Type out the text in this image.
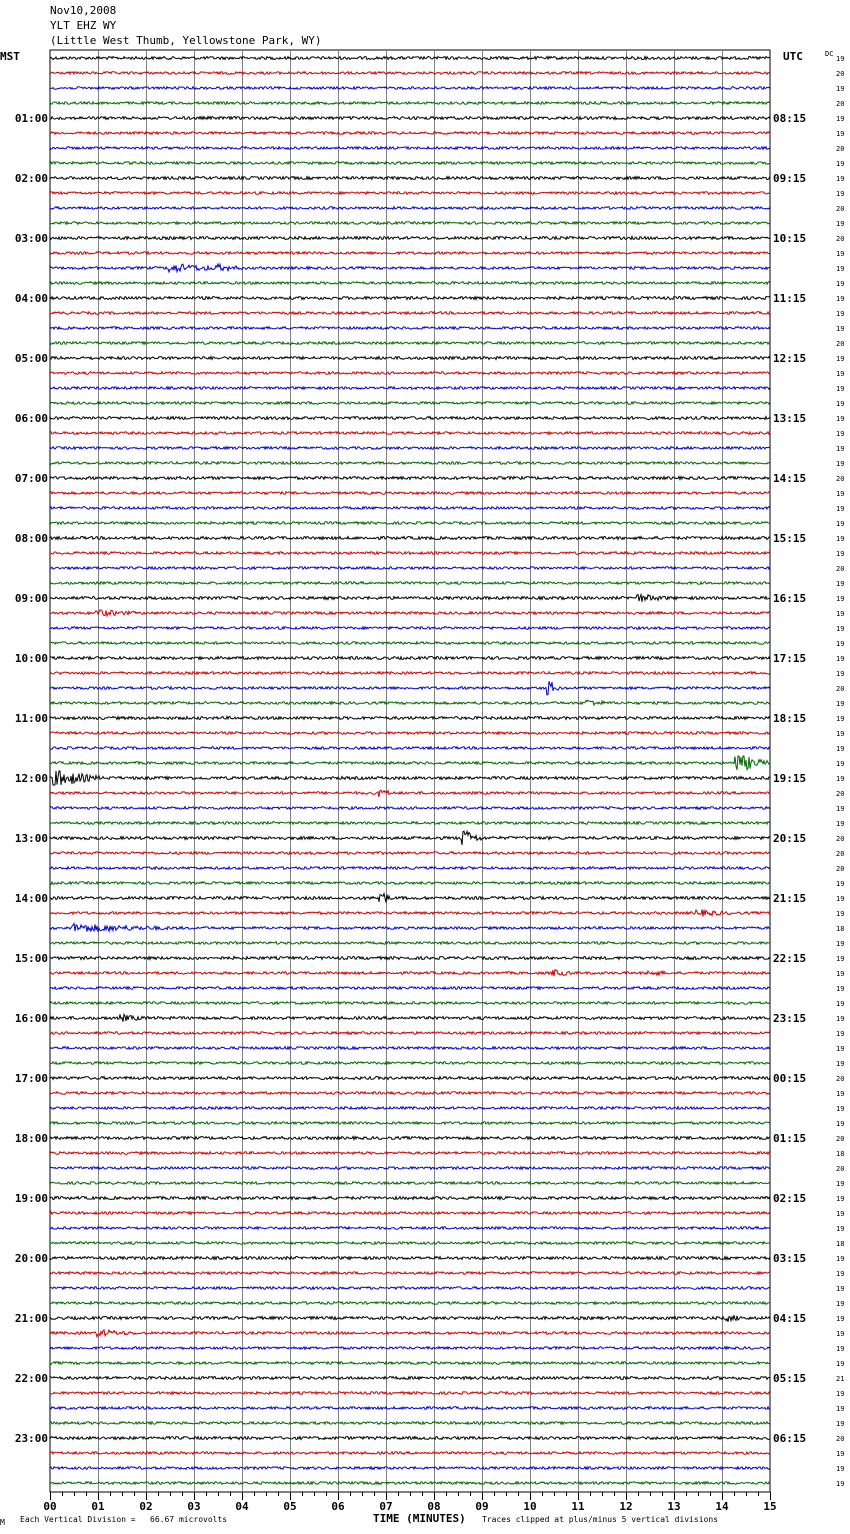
Nov10,2008
YLT EHZ WY
(Little West Thumb, Yellowstone Park, WY)
MST	UTC	DC
00	01	02	03	04	05	06	07	08	09	10	11	12	13	14	15
01:00	08:15
02:00	09:15
03:00	10:15
04:00	11:15
05:00	12:15
06:00	13:15
07:00	14:15
08:00	15:15
09:00	16:15
10:00	17:15
11:00	18:15
12:00	19:15
13:00	20:15
14:00	21:15
15:00	22:15
16:00	23:15
17:00	00:15
18:00	01:15
19:00	02:15
20:00	03:15
21:00	04:15
22:00	05:15
23:00	06:15
19
20
19
20
19
19
20
19
19
19
20
19
20
19
19
19
19
19
19
20
19
19
19
19
19
19
19
19
20
19
19
19
19
19
20
19
19
19
19
19
19
19
20
19
19
19
19
19
19
20
19
19
20
20
20
19
19
19
18
19
19
19
19
19
19
19
19
19
20
19
19
19
20
18
20
19
19
19
19
18
19
19
19
19
19
19
19
19
21
19
19
19
20
19
19
19
M Each Vertical Division =   66.67 microvolts	TIME (MINUTES) Traces clipped at plus/minus 5 vertical divisions
